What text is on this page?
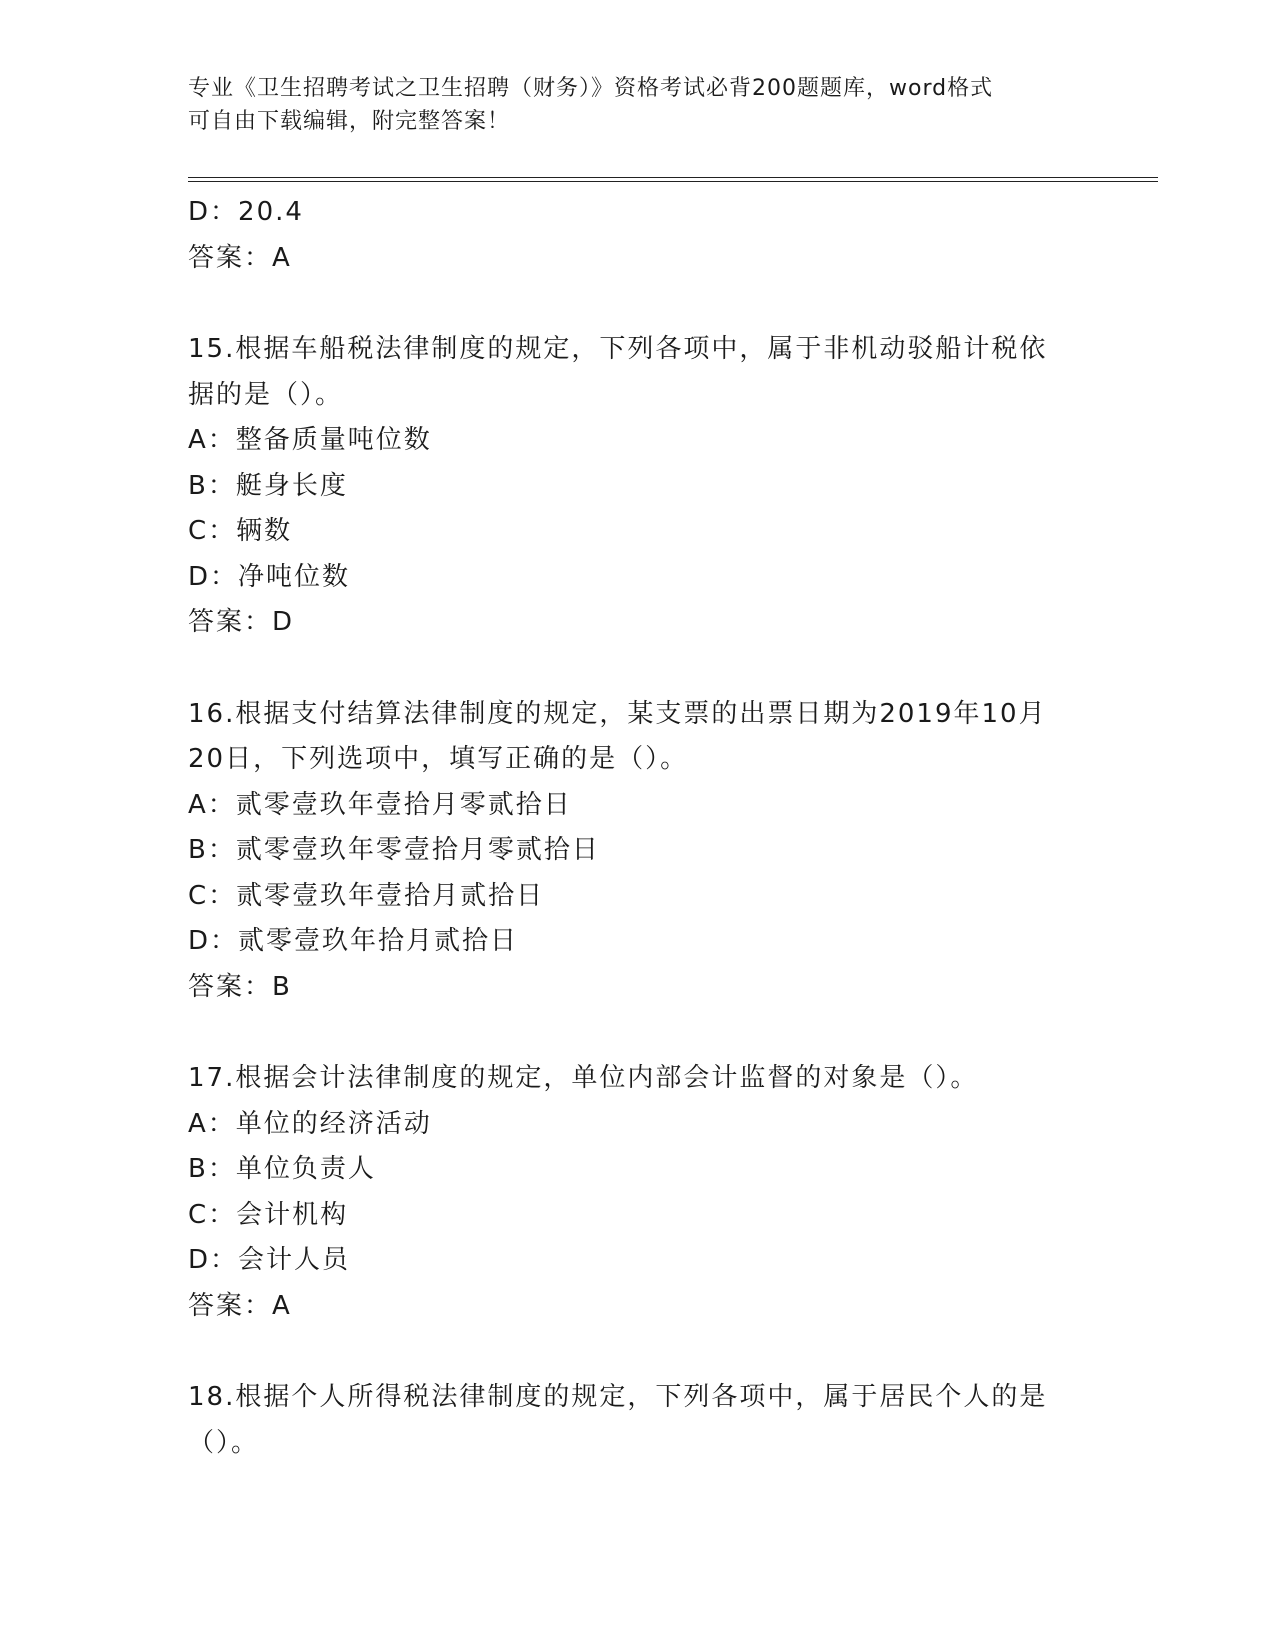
专业《卫生招聘考试之卫生招聘（财务）》资格考试必背200题题库，word格式
可自由下载编辑，附完整答案！
D：20.4
答案：A
15.根据车船税法律制度的规定，下列各项中，属于非机动驳船计税依
据的是（）。
A：整备质量吨位数
B：艇身长度
C：辆数
D：净吨位数
答案：D
16.根据支付结算法律制度的规定，某支票的出票日期为2019年10月
20日，下列选项中，填写正确的是（）。
A：贰零壹玖年壹拾月零贰拾日
B：贰零壹玖年零壹拾月零贰拾日
C：贰零壹玖年壹拾月贰拾日
D：贰零壹玖年拾月贰拾日
答案：B
17.根据会计法律制度的规定，单位内部会计监督的对象是（）。
A：单位的经济活动
B：单位负责人
C：会计机构
D：会计人员
答案：A
18.根据个人所得税法律制度的规定，下列各项中，属于居民个人的是
（）。
